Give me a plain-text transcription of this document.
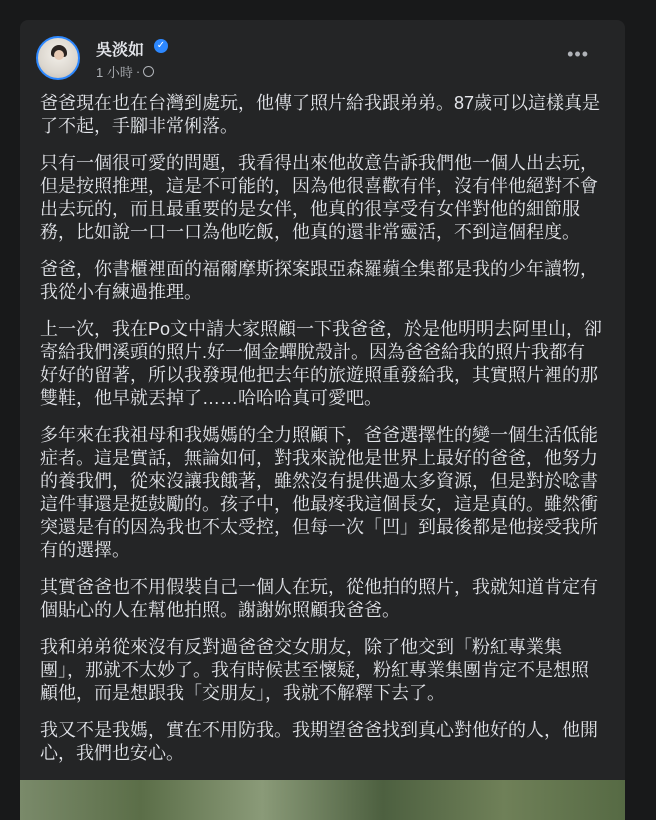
吳淡如 ✓
1 小時 ·
•••
爸爸現在也在台灣到處玩，他傳了照片給我跟弟弟。87歲可以這樣真是
了不起，手腳非常俐落。
只有一個很可愛的問題，我看得出來他故意告訴我們他一個人出去玩，
但是按照推理，這是不可能的，因為他很喜歡有伴，沒有伴他絕對不會
出去玩的，而且最重要的是女伴，他真的很享受有女伴對他的細節服
務，比如說一口一口為他吃飯，他真的還非常靈活，不到這個程度。
爸爸，你書櫃裡面的福爾摩斯探案跟亞森羅蘋全集都是我的少年讀物，
我從小有練過推理。
上一次，我在Po文中請大家照顧一下我爸爸，於是他明明去阿里山，卻
寄給我們溪頭的照片.好一個金蟬脫殼計。因為爸爸給我的照片我都有
好好的留著，所以我發現他把去年的旅遊照重發給我，其實照片裡的那
雙鞋，他早就丟掉了……哈哈哈真可愛吧。
多年來在我祖母和我媽媽的全力照顧下，爸爸選擇性的變一個生活低能
症者。這是實話，無論如何，對我來說他是世界上最好的爸爸，他努力
的養我們，從來沒讓我餓著，雖然沒有提供過太多資源，但是對於唸書
這件事還是挺鼓勵的。孩子中，他最疼我這個長女，這是真的。雖然衝
突還是有的因為我也不太受控，但每一次「凹」到最後都是他接受我所
有的選擇。
其實爸爸也不用假裝自己一個人在玩，從他拍的照片，我就知道肯定有
個貼心的人在幫他拍照。謝謝妳照顧我爸爸。
我和弟弟從來沒有反對過爸爸交女朋友，除了他交到「粉紅專業集
團」，那就不太妙了。我有時候甚至懷疑，粉紅專業集團肯定不是想照
顧他，而是想跟我「交朋友」，我就不解釋下去了。
我又不是我媽，實在不用防我。我期望爸爸找到真心對他好的人，他開
心，我們也安心。
